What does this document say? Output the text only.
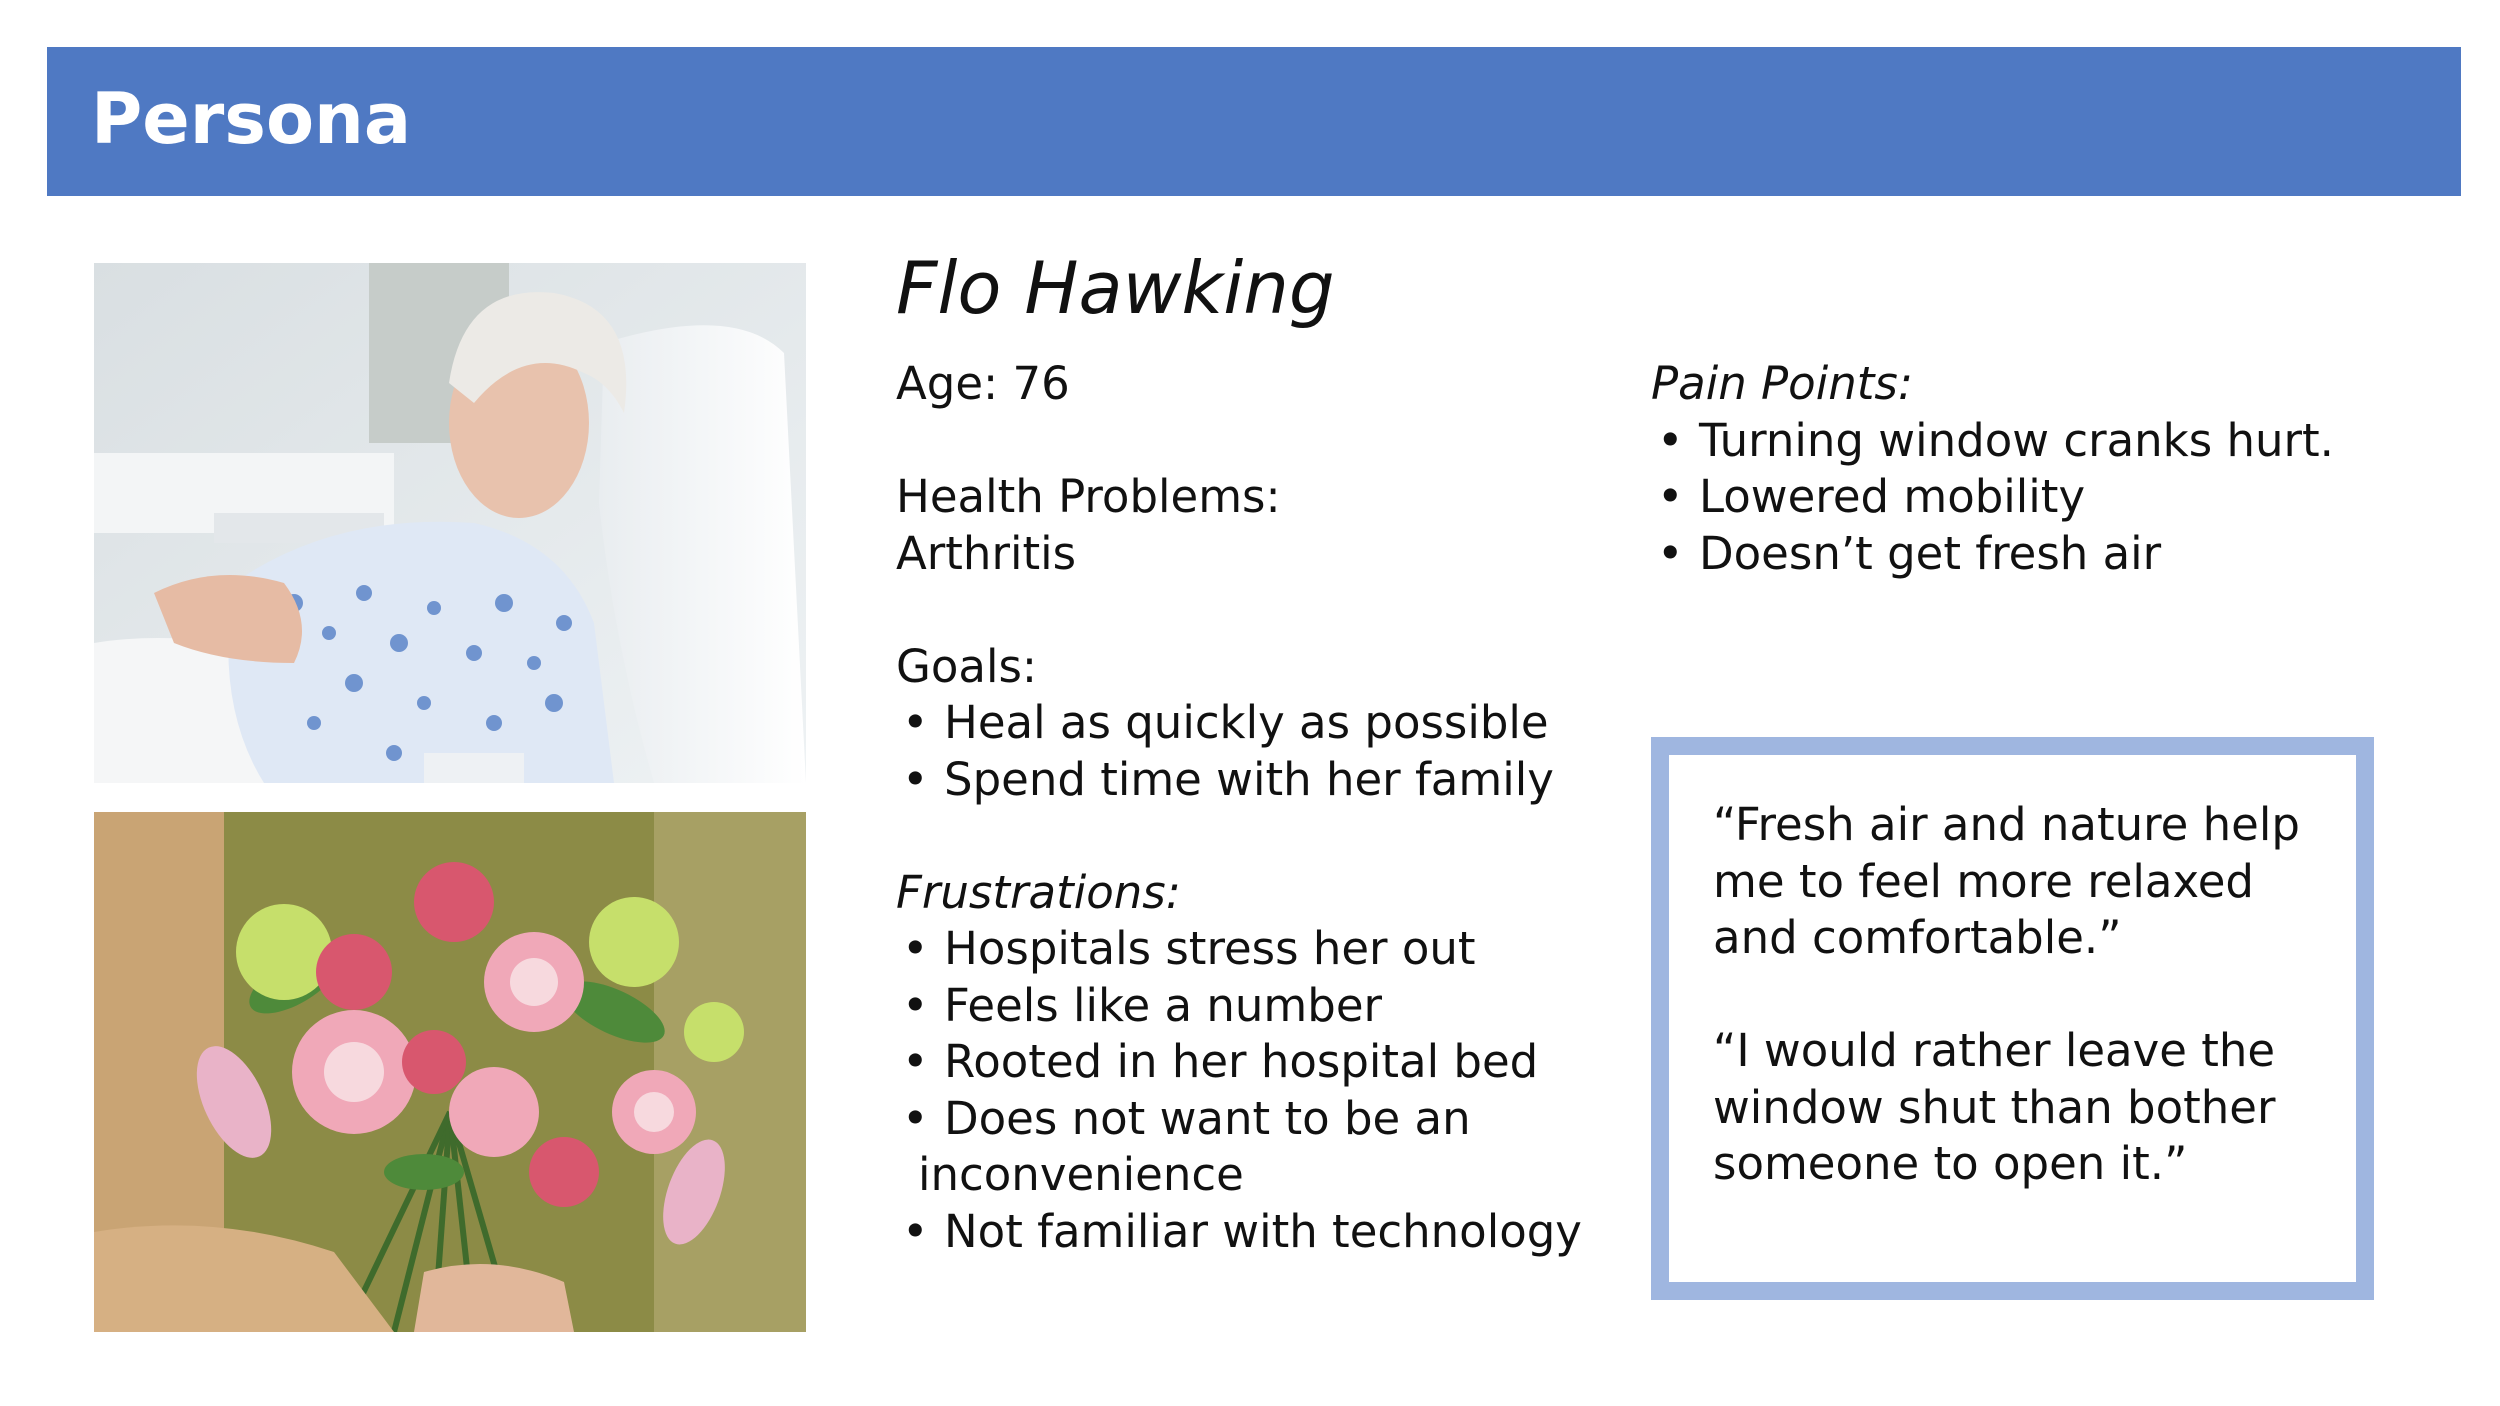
Persona
Flo Hawking
Age: 76
Health Problems:
Arthritis
Goals:
• Heal as quickly as possible
• Spend time with her family
Frustrations:
• Hospitals stress her out
• Feels like a number
• Rooted in her hospital bed
• Does not want to be an
inconvenience
• Not familiar with technology
Pain Points:
• Turning window cranks hurt.
• Lowered mobility
• Doesn’t get fresh air
“Fresh air and nature help
me to feel more relaxed
and comfortable.”
“I would rather leave the
window shut than bother
someone to open it.”
